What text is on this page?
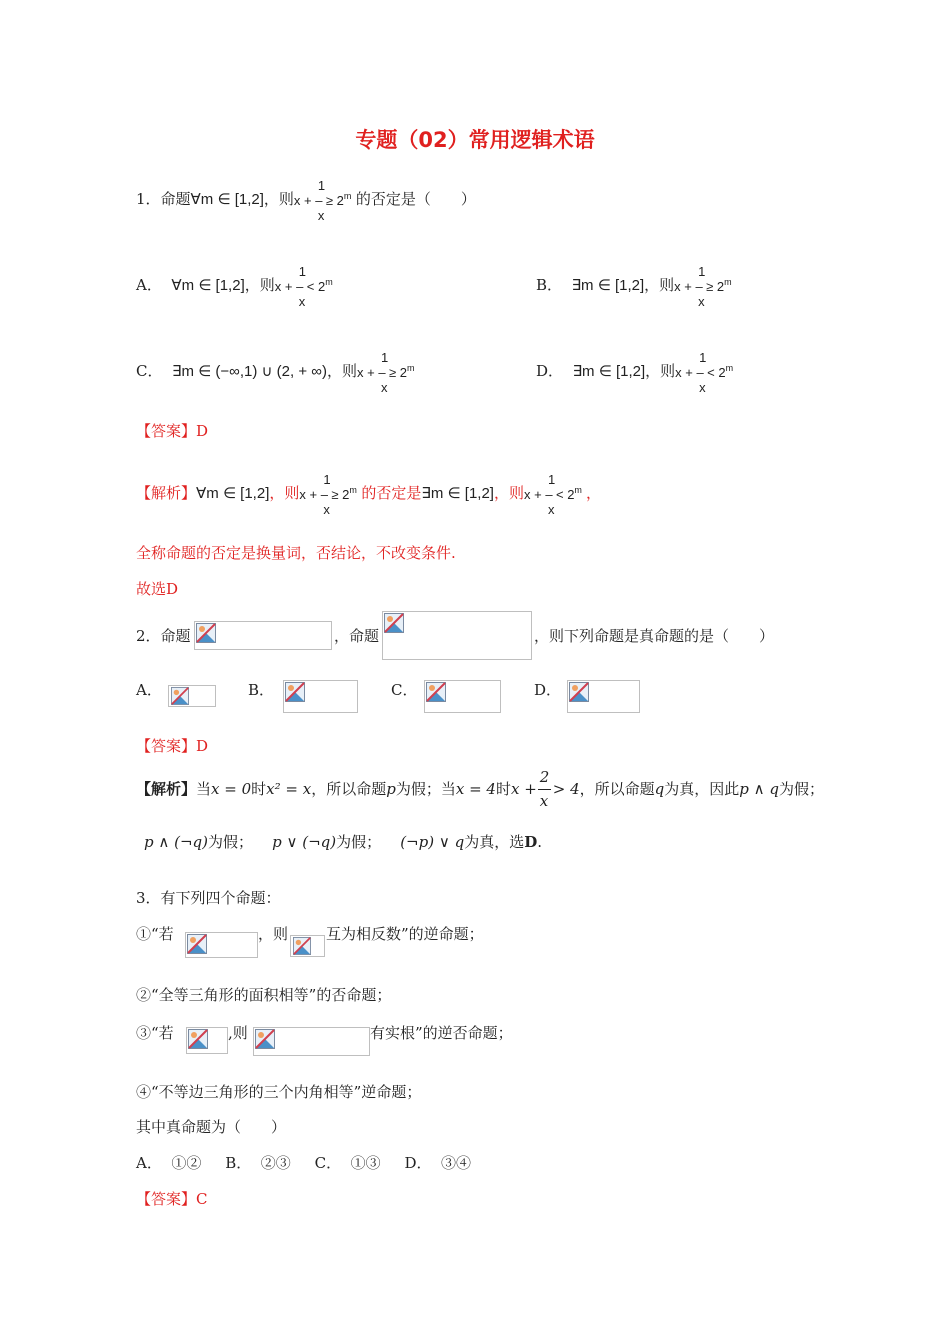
专题（02）常用逻辑术语
1．命题∀m ∈ [1,2]，则
1
x + –
x
≥ $2^m$ 的否定是（　　）
A． ∀m ∈ [1,2]，则
1
x + –
x
< $2^m$	B． ∃m ∈ [1,2]，则
1
x + –
x
≥ $2^m$
C． ∃m ∈ (−∞,1) ∪ (2, + ∞)，则
1
x + –
x
≥ $2^m$	D． ∃m ∈ [1,2]，则
1
x + –
x
< $2^m$
【答案】D
【解析】∀m ∈ [1,2]，则
1
x + –
x
≥ $2^m$ 的否定是∃m ∈ [1,2]，则
1
x + –
x
< $2^m$ ，
全称命题的否定是换量词，否结论，不改变条件.
故选D
2．命题	，命题	，则下列命题是真命题的是（　　）
A．	B．	C．	D．
【答案】D
【解析】当x = 0时x² = x，所以命题p为假；当x = 4时$x + \frac{2}{x} > 4$，所以命题q为真，因此p ∧ q为假；
p ∧ (¬q)为假； p ∨ (¬q)为假； (¬p) ∨ q为真，选D.
3．有下列四个命题：
①“若	，则	互为相反数”的逆命题；
②“全等三角形的面积相等”的否命题；
③“若	,则	有实根”的逆否命题；
④“不等边三角形的三个内角相等”逆命题；
其中真命题为（　　）
A．  ①②     B．  ②③     C．  ①③     D．  ③④
【答案】C
